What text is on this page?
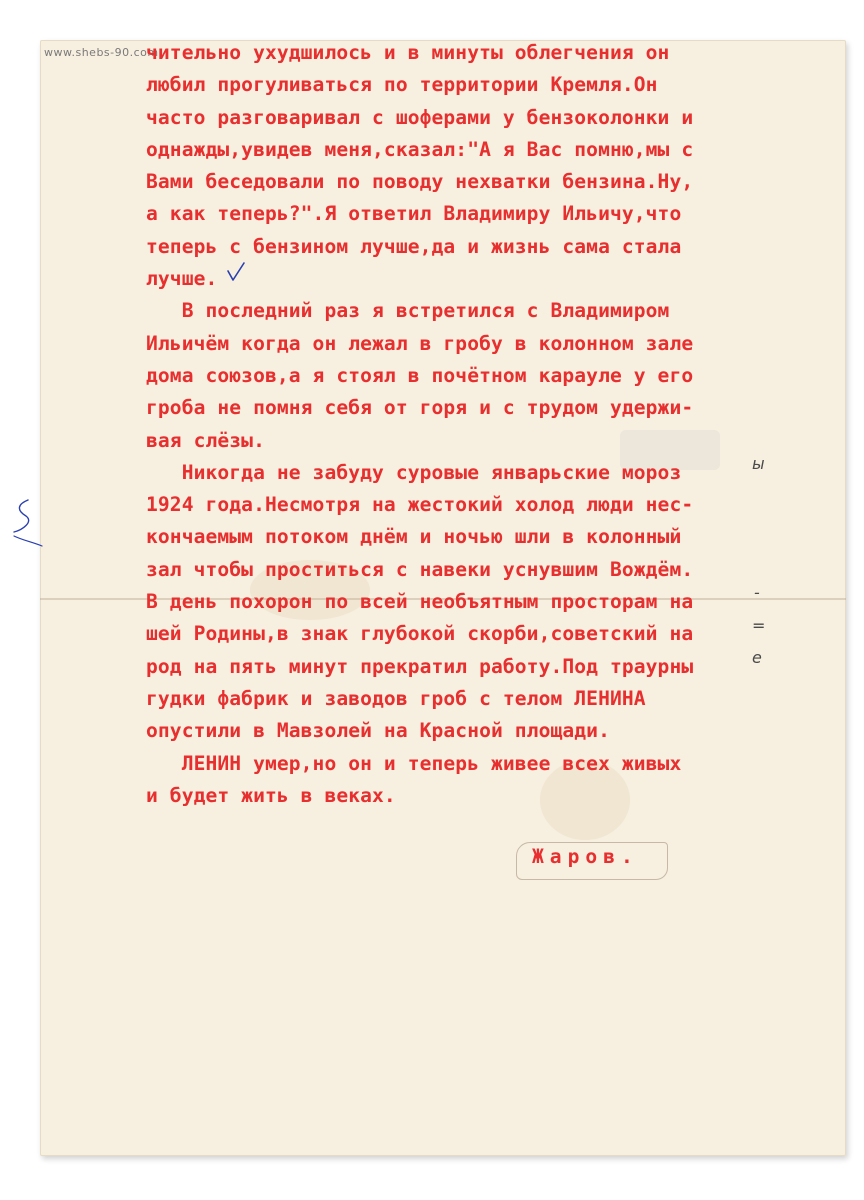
www.shebs-90.com
чительно ухудшилось и в минуты облегчения он
любил прогуливаться по территории Кремля.Он
часто разговаривал с шоферами у бензоколонки и
однажды,увидев меня,сказал:"А я Вас помню,мы с
Вами беседовали по поводу нехватки бензина.Ну,
а как теперь?".Я ответил Владимиру Ильичу,что
теперь с бензином лучше,да и жизнь сама стала
лучше.
В последний раз я встретился с Владимиром
Ильичём когда он лежал в гробу в колонном зале
дома союзов,а я стоял в почётном карауле у его
гроба не помня себя от горя и с трудом удержи-
вая слёзы.
Никогда не забуду суровые январьские мороз
1924 года.Несмотря на жестокий холод люди нес-
кончаемым потоком днём и ночью шли в колонный
зал чтобы проститься с навеки уснувшим Вождём.
В день похорон по всей необъятным просторам на
шей Родины,в знак глубокой скорби,советский на
род на пять минут прекратил работу.Под траурны
гудки фабрик и заводов гроб с телом ЛЕНИНА
опустили в Мавзолей на Красной площади.
ЛЕНИН умер,но он и теперь живее всех живых
и будет жить в веках.
Жаров.
ы
-
=
е
